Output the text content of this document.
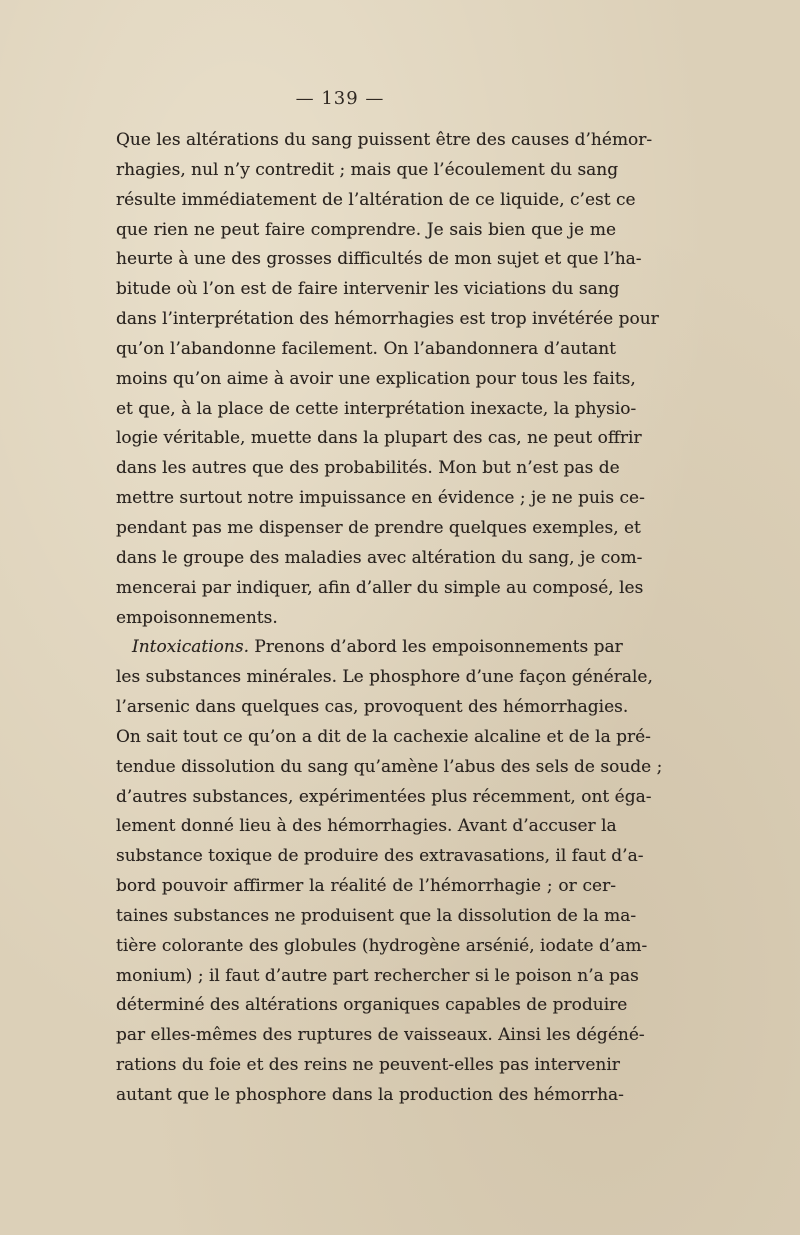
— 139 —
Que les altérations du sang puissent être des causes d’hémor-
rhagies, nul n’y contredit ; mais que l’écoulement du sang
résulte immédiatement de l’altération de ce liquide, c’est ce
que rien ne peut faire comprendre. Je sais bien que je me
heurte à une des grosses difficultés de mon sujet et que l’ha-
bitude où l’on est de faire intervenir les viciations du sang
dans l’interprétation des hémorrhagies est trop invétérée pour
qu’on l’abandonne facilement. On l’abandonnera d’autant
moins qu’on aime à avoir une explication pour tous les faits,
et que, à la place de cette interprétation inexacte, la physio-
logie véritable, muette dans la plupart des cas, ne peut offrir
dans les autres que des probabilités. Mon but n’est pas de
mettre surtout notre impuissance en évidence ; je ne puis ce-
pendant pas me dispenser de prendre quelques exemples, et
dans le groupe des maladies avec altération du sang, je com-
mencerai par indiquer, afin d’aller du simple au composé, les
empoisonnements.
Intoxications. Prenons d’abord les empoisonnements par
les substances minérales. Le phosphore d’une façon générale,
l’arsenic dans quelques cas, provoquent des hémorrhagies.
On sait tout ce qu’on a dit de la cachexie alcaline et de la pré-
tendue dissolution du sang qu’amène l’abus des sels de soude ;
d’autres substances, expérimentées plus récemment, ont éga-
lement donné lieu à des hémorrhagies. Avant d’accuser la
substance toxique de produire des extravasations, il faut d’a-
bord pouvoir affirmer la réalité de l’hémorrhagie ; or cer-
taines substances ne produisent que la dissolution de la ma-
tière colorante des globules (hydrogène arsénié, iodate d’am-
monium) ; il faut d’autre part rechercher si le poison n’a pas
déterminé des altérations organiques capables de produire
par elles-mêmes des ruptures de vaisseaux. Ainsi les dégéné-
rations du foie et des reins ne peuvent-elles pas intervenir
autant que le phosphore dans la production des hémorrha-
